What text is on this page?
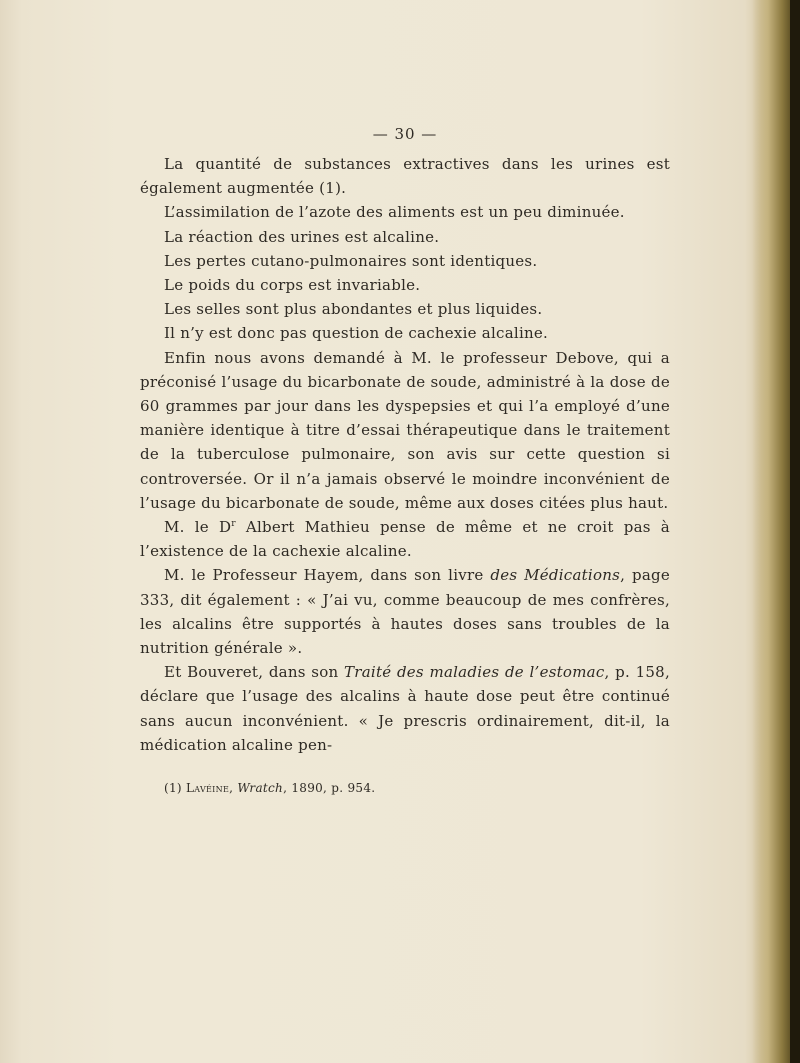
— 30 —

La quantité de substances extractives dans les urines est également augmentée (1).

L’assimilation de l’azote des aliments est un peu diminuée.

La réaction des urines est alcaline.

Les pertes cutano-pulmonaires sont identiques.

Le poids du corps est invariable.

Les selles sont plus abondantes et plus liquides.

Il n’y est donc pas question de cachexie alcaline.

Enfin nous avons demandé à M. le professeur Debove, qui a préconisé l’usage du bicarbonate de soude, administré à la dose de 60 grammes par jour dans les dyspepsies et qui l’a employé d’une manière identique à titre d’essai thérapeutique dans le traitement de la tuberculose pulmonaire, son avis sur cette question si controversée. Or il n’a jamais observé le moindre inconvénient de l’usage du bicarbonate de soude, même aux doses citées plus haut.

M. le $D^r$ Albert Mathieu pense de même et ne croit pas à l’existence de la cachexie alcaline.

M. le Professeur Hayem, dans son livre des Médications, page 333, dit également : « J’ai vu, comme beaucoup de mes confrères, les alcalins être supportés à hautes doses sans troubles de la nutrition générale ».

Et Bouveret, dans son Traité des maladies de l’estomac, p. 158, déclare que l’usage des alcalins à haute dose peut être continué sans aucun inconvénient. « Je prescris ordinairement, dit-il, la médication alcaline pen-

(1) Lavéine, Wratch, 1890, p. 954.
